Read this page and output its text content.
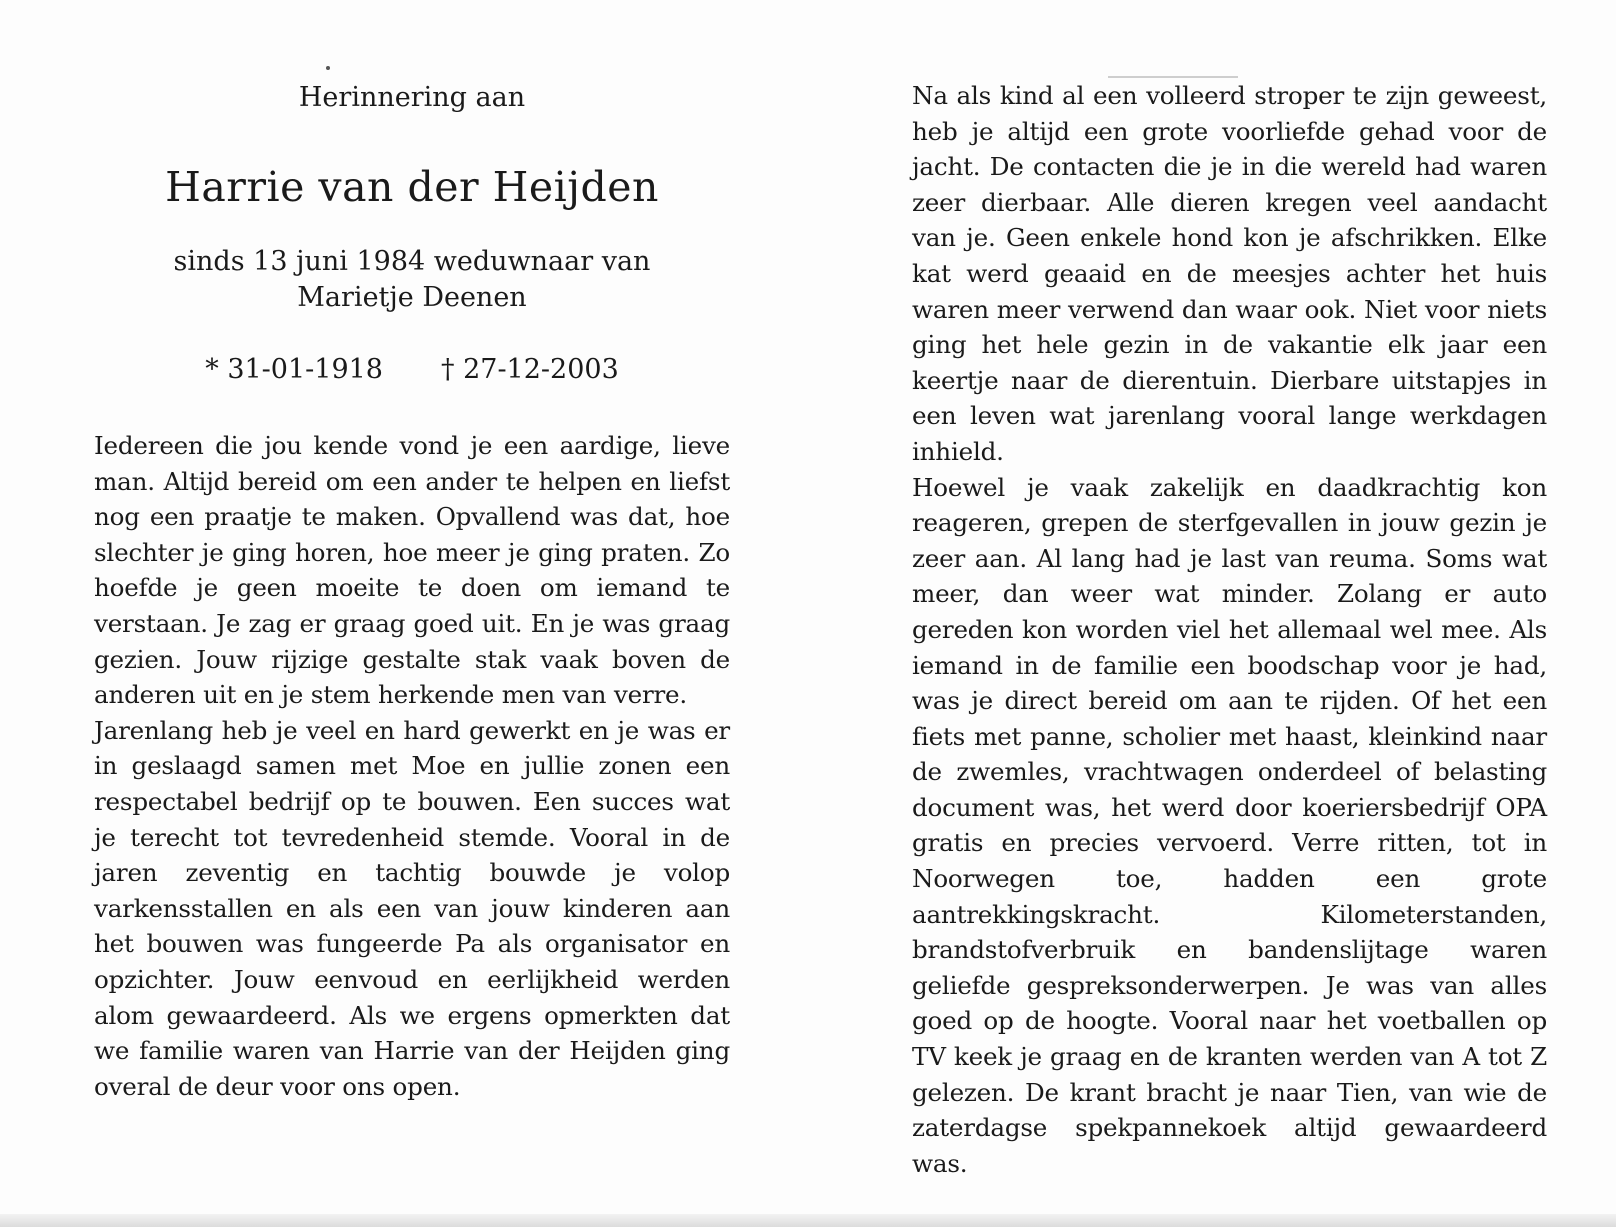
Herinnering aan
Harrie van der Heijden
sinds 13 juni 1984 weduwnaar van
Marietje Deenen
* 31-01-1918 † 27-12-2003

Iedereen die jou kende vond je een aardige, lieve man. Altijd bereid om een ander te helpen en liefst nog een praatje te maken. Opvallend was dat, hoe slechter je ging horen, hoe meer je ging praten. Zo hoefde je geen moeite te doen om iemand te verstaan. Je zag er graag goed uit. En je was graag gezien. Jouw rijzige gestalte stak vaak boven de anderen uit en je stem herkende men van verre.

Jarenlang heb je veel en hard gewerkt en je was er in geslaagd samen met Moe en jullie zonen een respectabel bedrijf op te bouwen. Een succes wat je terecht tot tevredenheid stemde. Vooral in de jaren zeventig en tachtig bouwde je volop varkensstallen en als een van jouw kinderen aan het bouwen was fungeerde Pa als organisator en opzichter. Jouw eenvoud en eerlijkheid werden alom gewaardeerd. Als we ergens opmerkten dat we familie waren van Harrie van der Heijden ging overal de deur voor ons open.

Na als kind al een volleerd stroper te zijn geweest, heb je altijd een grote voorliefde gehad voor de jacht. De contacten die je in die wereld had waren zeer dierbaar. Alle dieren kregen veel aandacht van je. Geen enkele hond kon je afschrikken. Elke kat werd geaaid en de meesjes achter het huis waren meer verwend dan waar ook. Niet voor niets ging het hele gezin in de vakantie elk jaar een keertje naar de dierentuin. Dierbare uitstapjes in een leven wat jarenlang vooral lange werkdagen inhield.

Hoewel je vaak zakelijk en daadkrachtig kon reageren, grepen de sterfgevallen in jouw gezin je zeer aan. Al lang had je last van reuma. Soms wat meer, dan weer wat minder. Zolang er auto gereden kon worden viel het allemaal wel mee. Als iemand in de familie een boodschap voor je had, was je direct bereid om aan te rijden. Of het een fiets met panne, scholier met haast, kleinkind naar de zwemles, vrachtwagen onderdeel of belasting document was, het werd door koeriersbedrijf OPA gratis en precies vervoerd. Verre ritten, tot in Noorwegen toe, hadden een grote aantrekkingskracht. Kilometerstanden, brandstofverbruik en bandenslijtage waren geliefde gespreksonderwerpen. Je was van alles goed op de hoogte. Vooral naar het voetballen op TV keek je graag en de kranten werden van A tot Z gelezen. De krant bracht je naar Tien, van wie de zaterdagse spekpannekoek altijd gewaardeerd was.
